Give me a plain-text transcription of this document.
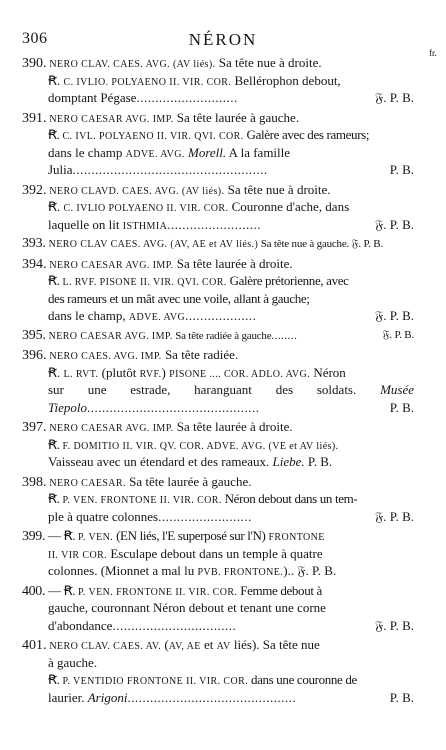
306	NÉRON
fr.
390. NERO CLAV. CAES. AVG. (AV liés). Sa tête nue à droite.
Ꞧ. C. IVLIO. POLYAENO II. VIR. COR. Bellérophon debout,
domptant Pégase...........................	𝔉. P. B.
391. NERO CAESAR AVG. IMP. Sa tête laurée à gauche.
Ꞧ. C. IVL. POLYAENO II. VIR. QVI. COR. Galère avec des rameurs;
dans le champ ADVE. AVG. Morell. A la famille
Julia....................................................	P. B.
392. NERO CLAVD. CAES. AVG. (AV liés). Sa tête nue à droite.
Ꞧ. C. IVLIO POLYAENO II. VIR. COR. Couronne d'ache, dans
laquelle on lit ISTHMIA.........................	𝔉. P. B.
393. NERO CLAV CAES. AVG. (AV, AE et AV liés.) Sa tête nue à gauche. 𝔉. P. B.
394. NERO CAESAR AVG. IMP. Sa tête laurée à droite.
Ꞧ. L. RVF. PISONE II. VIR. QVI. COR. Galère prétorienne, avec
des rameurs et un mât avec une voile, allant à gauche;
dans le champ, ADVE. AVG...................	𝔉. P. B.
395. NERO CAESAR AVG. IMP. Sa tête radiée à gauche........	𝔉. P. B.
396. NERO CAES. AVG. IMP. Sa tête radiée.
Ꞧ. L. RVT. (plutôt RVF.) PISONE .... COR. ADLO. AVG. Néron
sur une estrade, haranguant des soldats. Musée
Tiepolo..............................................	P. B.
397. NERO CAESAR AVG. IMP. Sa tête laurée à droite.
Ꞧ. F. DOMITIO II. VIR. QV. COR. ADVE. AVG. (VE et AV liés).
Vaisseau avec un étendard et des rameaux. Liebe. P. B.
398. NERO CAESAR. Sa tête laurée à gauche.
Ꞧ. P. VEN. FRONTONE II. VIR. COR. Néron debout dans un tem-
ple à quatre colonnes.........................	𝔉. P. B.
399. — Ꞧ. P. VEN. (EN liés, l'E superposé sur l'N) FRONTONE
II. VIR COR. Esculape debout dans un temple à quatre
colonnes. (Mionnet a mal lu PVB. FRONTONE.).. 𝔉. P. B.
400. — Ꞧ. P. VEN. FRONTONE II. VIR. COR. Femme debout à
gauche, couronnant Néron debout et tenant une corne
d'abondance.................................	𝔉. P. B.
401. NERO CLAV. CAES. AV. (AV, AE et AV liés). Sa tête nue
à gauche.
Ꞧ. P. VENTIDIO FRONTONE II. VIR. COR. dans une couronne de
laurier. Arigoni.............................................	P. B.
